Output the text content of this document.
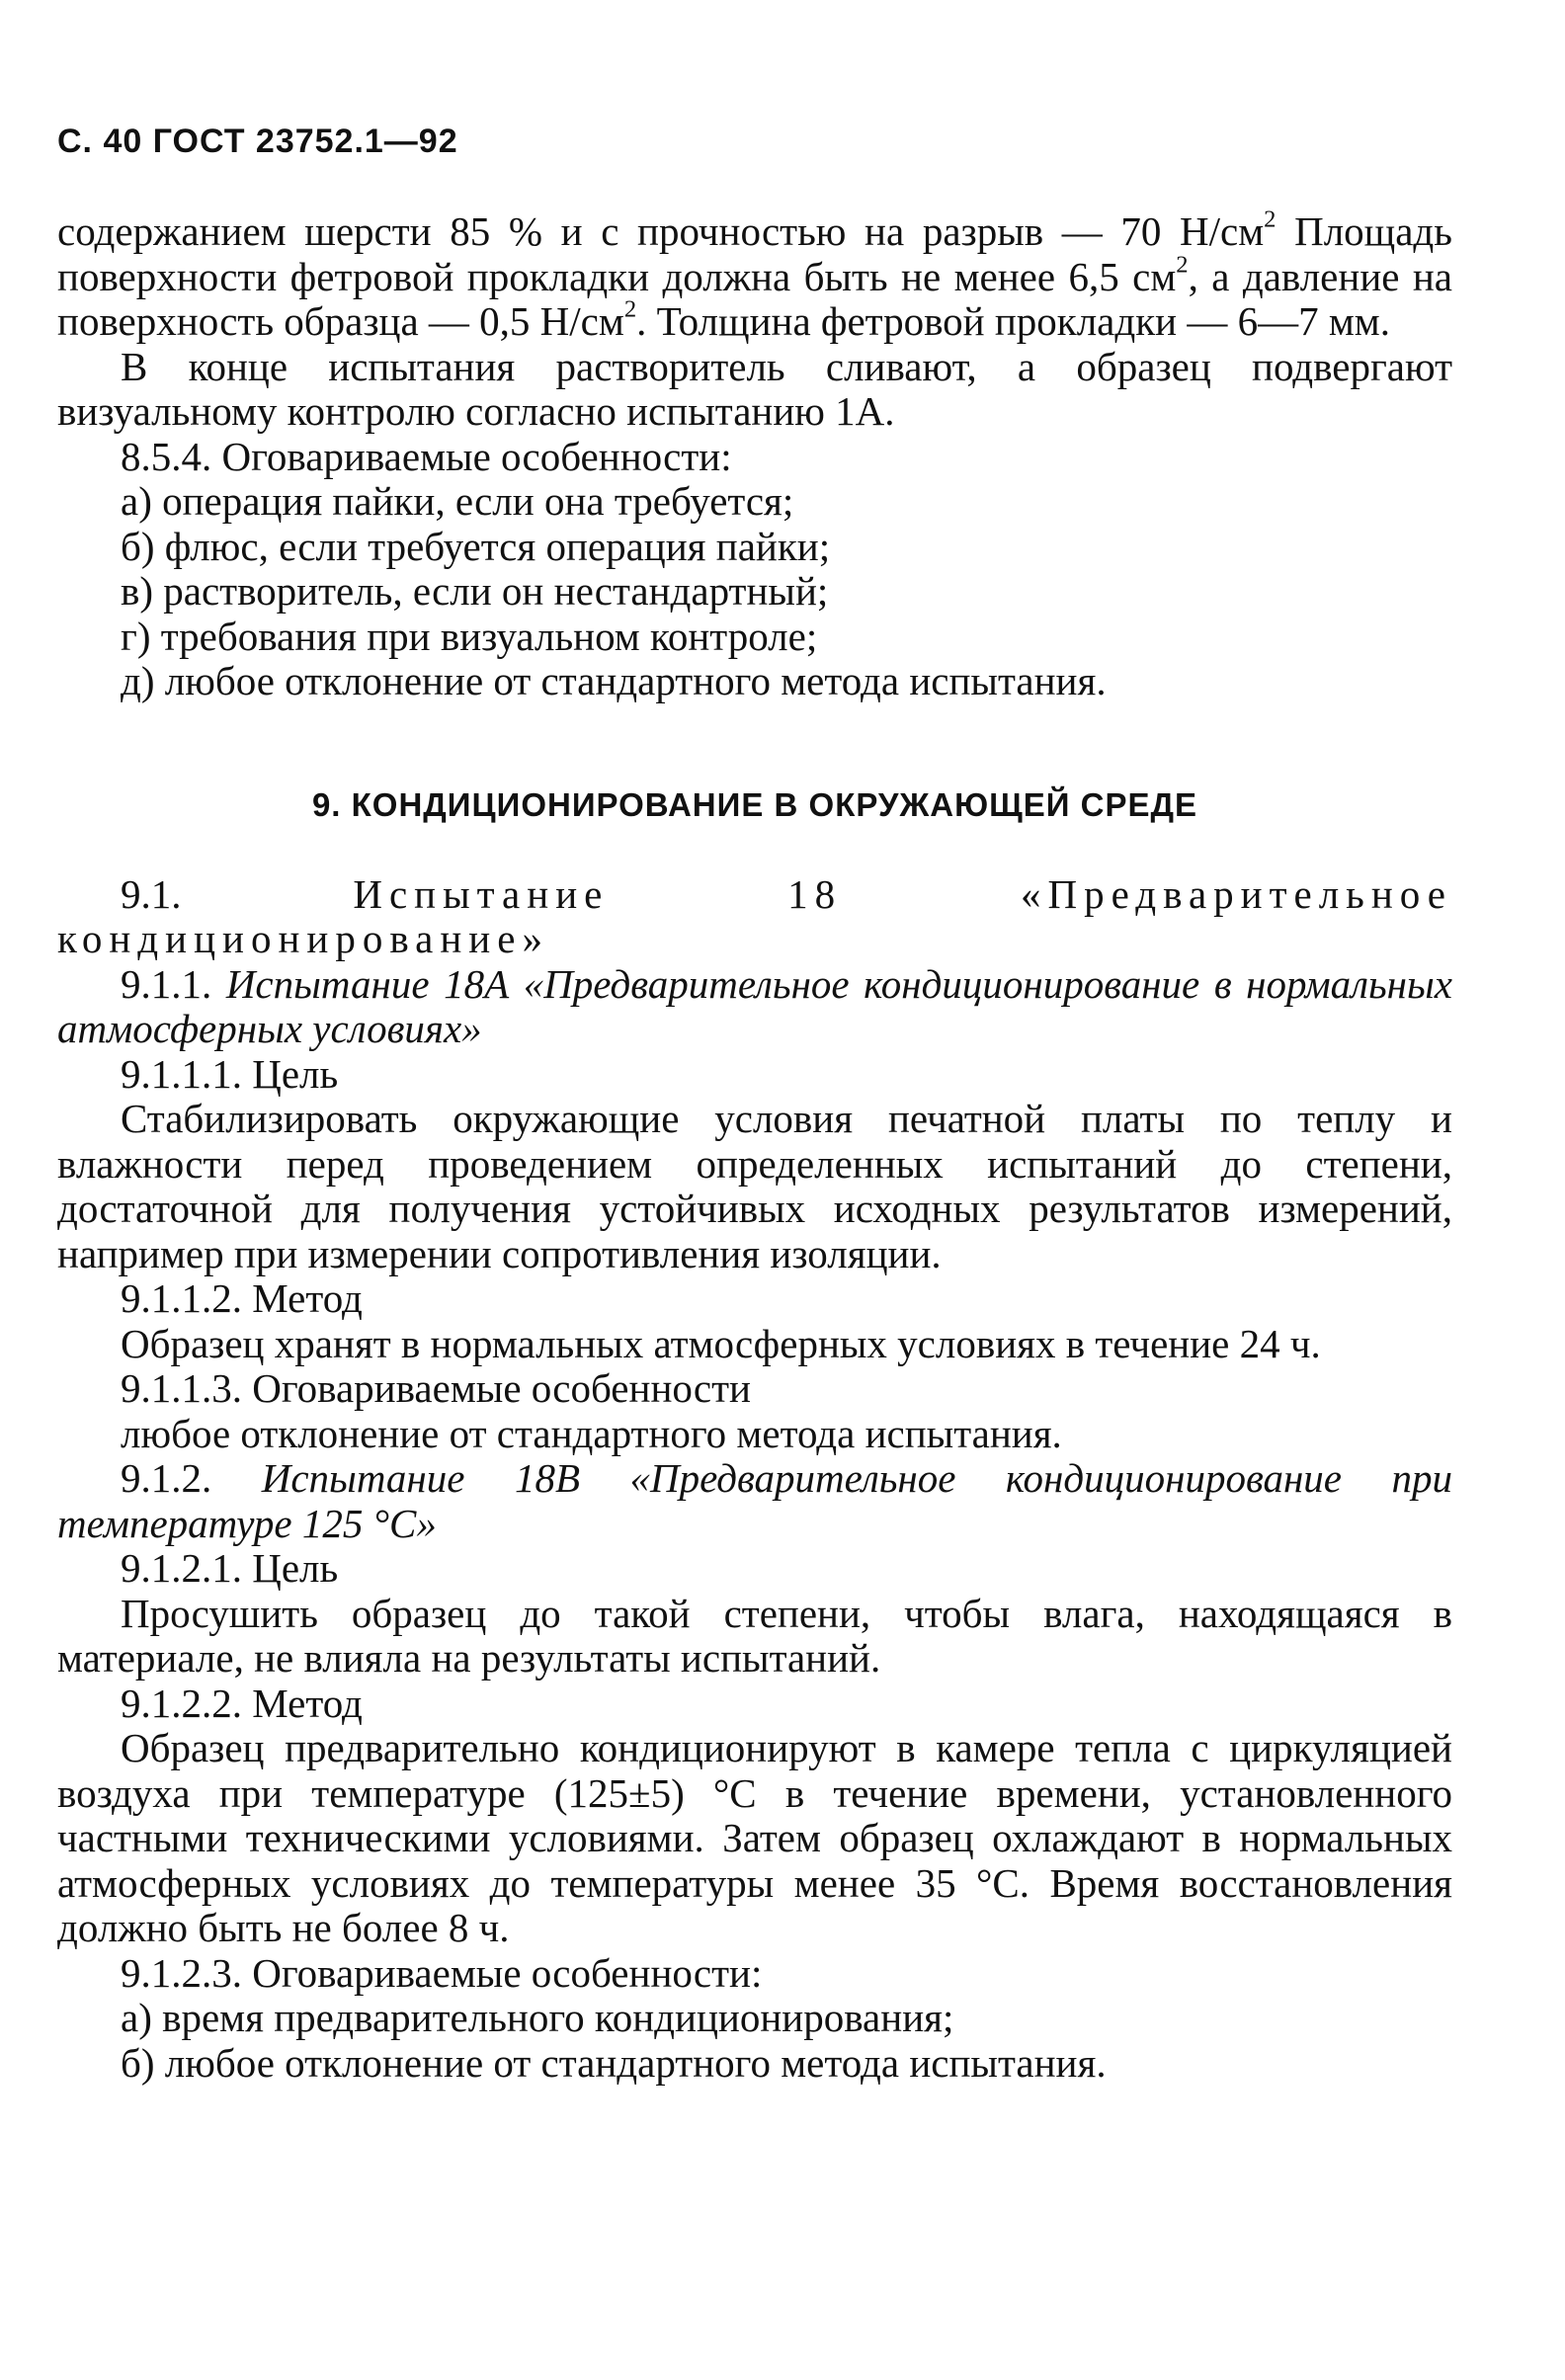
С. 40 ГОСТ 23752.1—92

содержанием шерсти 85 % и с прочностью на разрыв — 70 $Н/см^2$ Площадь поверхности фетровой прокладки должна быть не менее 6,5 $см^2$, а давление на поверхность образца — 0,5 $Н/см^2$. Толщина фетровой прокладки — 6—7 мм.

В конце испытания растворитель сливают, а образец подвергают визуальному контролю согласно испытанию 1А.

8.5.4. Оговариваемые особенности:

а) операция пайки, если она требуется;

б) флюс, если требуется операция пайки;

в) растворитель, если он нестандартный;

г) требования при визуальном контроле;

д) любое отклонение от стандартного метода испытания.

9. КОНДИЦИОНИРОВАНИЕ В ОКРУЖАЮЩЕЙ СРЕДЕ

9.1. Испытание 18 «Предварительное кондиционирование»

9.1.1. Испытание 18А «Предварительное кондиционирование в нормальных атмосферных условиях»

9.1.1.1. Цель

Стабилизировать окружающие условия печатной платы по теплу и влажности перед проведением определенных испытаний до степени, достаточной для получения устойчивых исходных результатов измерений, например при измерении сопротивления изоляции.

9.1.1.2. Метод

Образец хранят в нормальных атмосферных условиях в течение 24 ч.

9.1.1.3. Оговариваемые особенности

любое отклонение от стандартного метода испытания.

9.1.2. Испытание 18В «Предварительное кондиционирование при температуре 125 °С»

9.1.2.1. Цель

Просушить образец до такой степени, чтобы влага, находящаяся в материале, не влияла на результаты испытаний.

9.1.2.2. Метод

Образец предварительно кондиционируют в камере тепла с циркуляцией воздуха при температуре (125±5) °С в течение времени, установленного частными техническими условиями. Затем образец охлаждают в нормальных атмосферных условиях до температуры менее 35 °С. Время восстановления должно быть не более 8 ч.

9.1.2.3. Оговариваемые особенности:

а) время предварительного кондиционирования;

б) любое отклонение от стандартного метода испытания.
